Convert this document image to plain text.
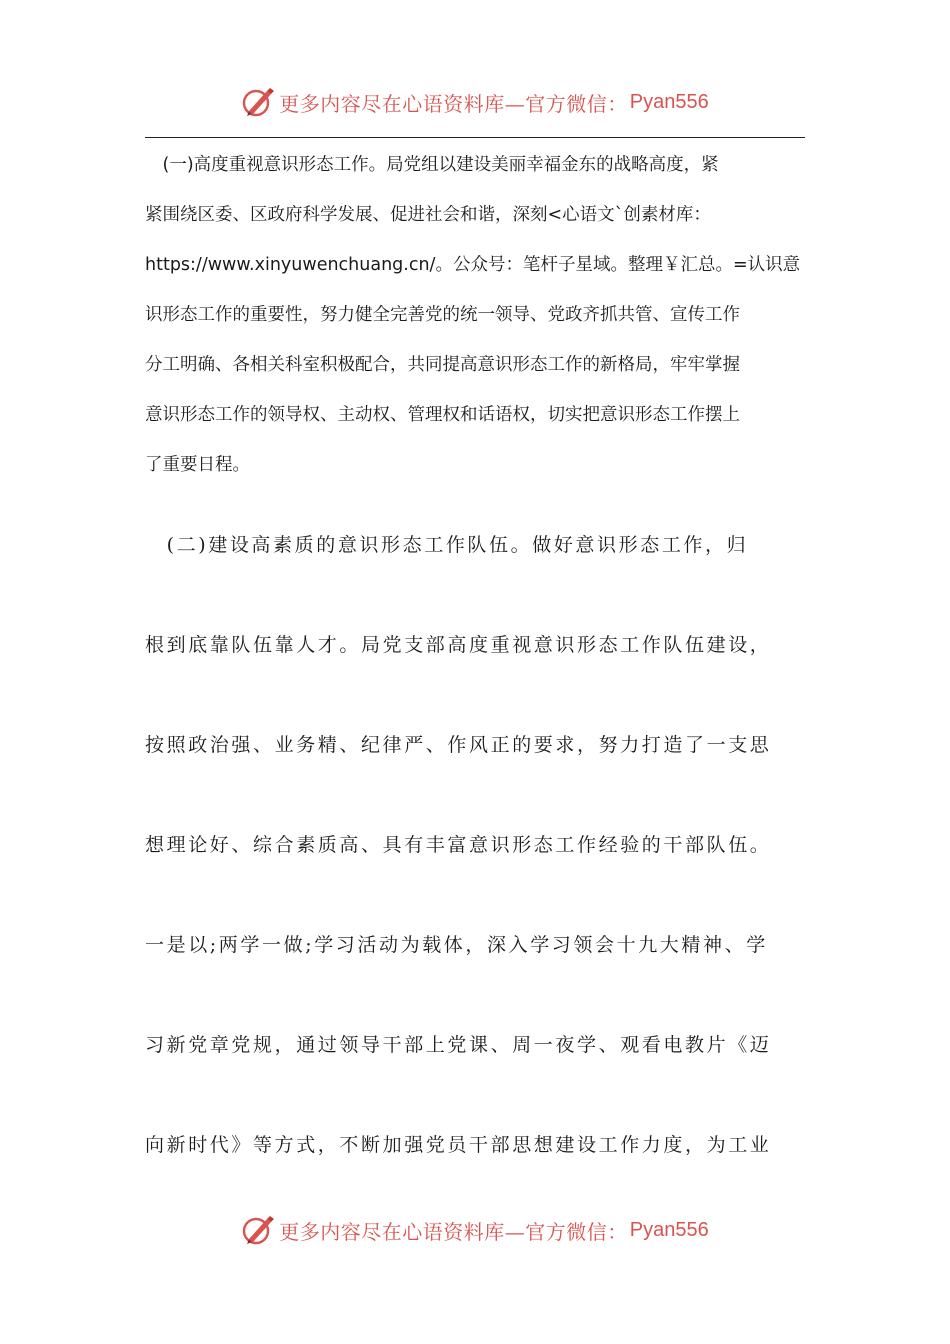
更多内容尽在心语资料库—官方微信： Pyan556
　(一)高度重视意识形态工作。局党组以建设美丽幸福金东的战略高度，紧
紧围绕区委、区政府科学发展、促进社会和谐，深刻<心语文`创素材库：
https://www.xinyuwenchuang.cn/。公众号：笔杆子星域。整理￥汇总。=认识意
识形态工作的重要性，努力健全完善党的统一领导、党政齐抓共管、宣传工作
分工明确、各相关科室积极配合，共同提高意识形态工作的新格局，牢牢掌握
意识形态工作的领导权、主动权、管理权和话语权，切实把意识形态工作摆上
了重要日程。
　(二)建设高素质的意识形态工作队伍。做好意识形态工作，归
根到底靠队伍靠人才。局党支部高度重视意识形态工作队伍建设，
按照政治强、业务精、纪律严、作风正的要求，努力打造了一支思
想理论好、综合素质高、具有丰富意识形态工作经验的干部队伍。
一是以;两学一做;学习活动为载体，深入学习领会十九大精神、学
习新党章党规，通过领导干部上党课、周一夜学、观看电教片《迈
向新时代》等方式，不断加强党员干部思想建设工作力度，为工业
更多内容尽在心语资料库—官方微信： Pyan556
